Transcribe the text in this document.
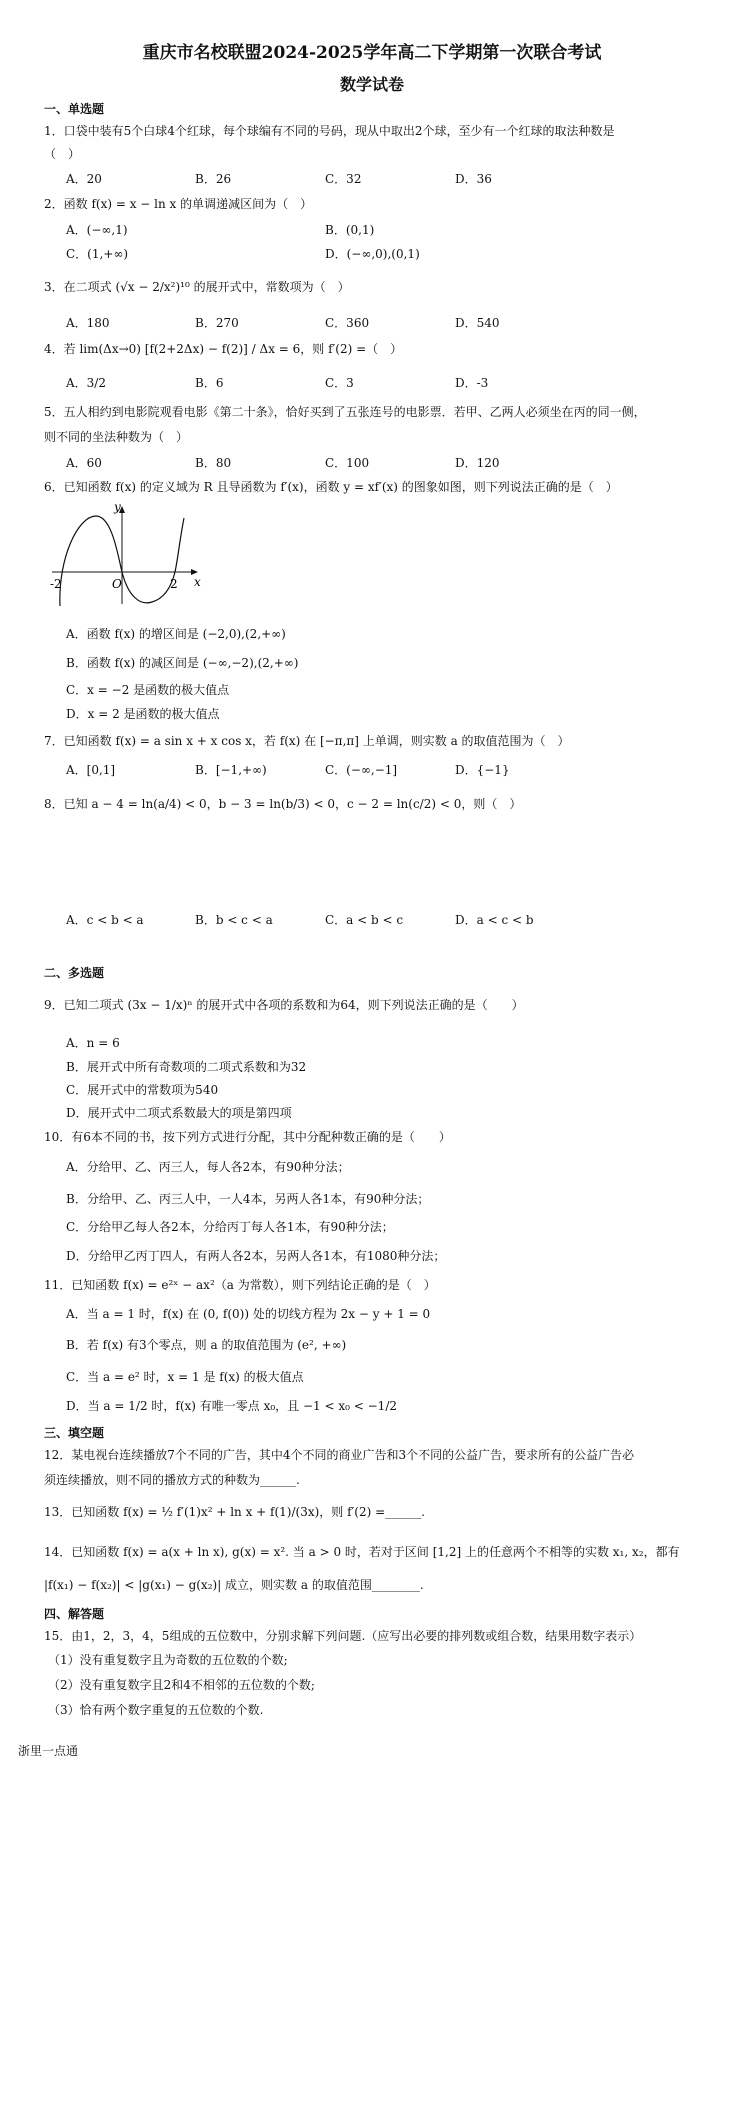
重庆市名校联盟2024-2025学年高二下学期第一次联合考试
数学试卷
一、单选题
1．口袋中装有5个白球4个红球，每个球编有不同的号码，现从中取出2个球，至少有一个红球的取法种数是
（　）
A．20	B．26	C．32	D．36
2．函数 f(x) = x − ln x 的单调递减区间为（　）
A．(−∞,1)	B．(0,1)
C．(1,+∞)	D．(−∞,0),(0,1)
3．在二项式 (√x − 2/x²)¹⁰ 的展开式中，常数项为（　）
A．180	B．270	C．360	D．540
4．若 lim(Δx→0) [f(2+2Δx) − f(2)] / Δx = 6，则 f′(2) =（　）
A．3/2	B．6	C．3	D．-3
5．五人相约到电影院观看电影《第二十条》，恰好买到了五张连号的电影票．若甲、乙两人必须坐在丙的同一侧，
则不同的坐法种数为（　）
A．60	B．80	C．100	D．120
6．已知函数 f(x) 的定义域为 R 且导函数为 f′(x)，函数 y = xf′(x) 的图象如图，则下列说法正确的是（　）
y
x
O
-2	2
A．函数 f(x) 的增区间是 (−2,0),(2,+∞)
B．函数 f(x) 的减区间是 (−∞,−2),(2,+∞)
C．x = −2 是函数的极大值点
D．x = 2 是函数的极大值点
7．已知函数 f(x) = a sin x + x cos x，若 f(x) 在 [−π,π] 上单调，则实数 a 的取值范围为（　）
A．[0,1]	B．[−1,+∞)	C．(−∞,−1]	D．{−1}
8．已知 a − 4 = ln(a/4) < 0，b − 3 = ln(b/3) < 0，c − 2 = ln(c/2) < 0，则（　）
A．c < b < a	B．b < c < a	C．a < b < c	D．a < c < b
二、多选题
9．已知二项式 (3x − 1/x)ⁿ 的展开式中各项的系数和为64，则下列说法正确的是（　　）
A．n = 6
B．展开式中所有奇数项的二项式系数和为32
C．展开式中的常数项为540
D．展开式中二项式系数最大的项是第四项
10．有6本不同的书，按下列方式进行分配，其中分配种数正确的是（　　）
A．分给甲、乙、丙三人，每人各2本，有90种分法；
B．分给甲、乙、丙三人中，一人4本，另两人各1本，有90种分法；
C．分给甲乙每人各2本，分给丙丁每人各1本，有90种分法；
D．分给甲乙丙丁四人，有两人各2本，另两人各1本，有1080种分法；
11．已知函数 f(x) = e²ˣ − ax²（a 为常数），则下列结论正确的是（　）
A．当 a = 1 时，f(x) 在 (0, f(0)) 处的切线方程为 2x − y + 1 = 0
B．若 f(x) 有3个零点，则 a 的取值范围为 (e², +∞)
C．当 a = e² 时，x = 1 是 f(x) 的极大值点
D．当 a = 1/2 时，f(x) 有唯一零点 x₀，且 −1 < x₀ < −1/2
三、填空题
12．某电视台连续播放7个不同的广告，其中4个不同的商业广告和3个不同的公益广告，要求所有的公益广告必
须连续播放，则不同的播放方式的种数为______.
13．已知函数 f(x) = ½ f′(1)x² + ln x + f(1)/(3x)，则 f′(2) =______.
14．已知函数 f(x) = a(x + ln x), g(x) = x². 当 a > 0 时，若对于区间 [1,2] 上的任意两个不相等的实数 x₁, x₂，都有
|f(x₁) − f(x₂)| < |g(x₁) − g(x₂)| 成立，则实数 a 的取值范围________.
四、解答题
15．由1，2，3，4，5组成的五位数中，分别求解下列问题.（应写出必要的排列数或组合数，结果用数字表示）
（1）没有重复数字且为奇数的五位数的个数;
（2）没有重复数字且2和4不相邻的五位数的个数;
（3）恰有两个数字重复的五位数的个数.
浙里一点通
